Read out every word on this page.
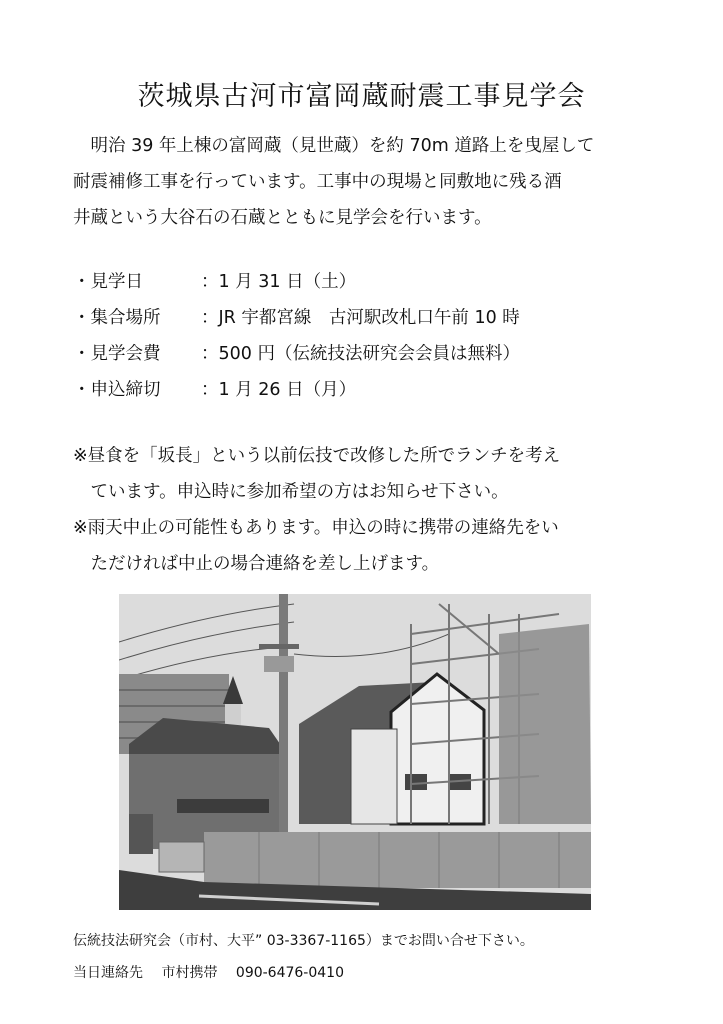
茨城県古河市富岡蔵耐震工事見学会

　明治 39 年上棟の富岡蔵（見世蔵）を約 70m 道路上を曳屋して

耐震補修工事を行っています。工事中の現場と同敷地に残る酒

井蔵という大谷石の石蔵とともに見学会を行います。

・見学日	：1 月 31 日（土）
・集合場所	：JR 宇都宮線　古河駅改札口午前 10 時
・見学会費	：500 円（伝統技法研究会会員は無料）
・申込締切	：1 月 26 日（月）

※昼食を「坂長」という以前伝技で改修した所でランチを考え

　ています。申込時に参加希望の方はお知らせ下さい。

※雨天中止の可能性もあります。申込の時に携帯の連絡先をい

　ただければ中止の場合連絡を差し上げます。

伝統技法研究会（市村、大平” 03-3367-1165）までお問い合せ下さい。
当日連絡先 市村携帯 090-6476-0410
